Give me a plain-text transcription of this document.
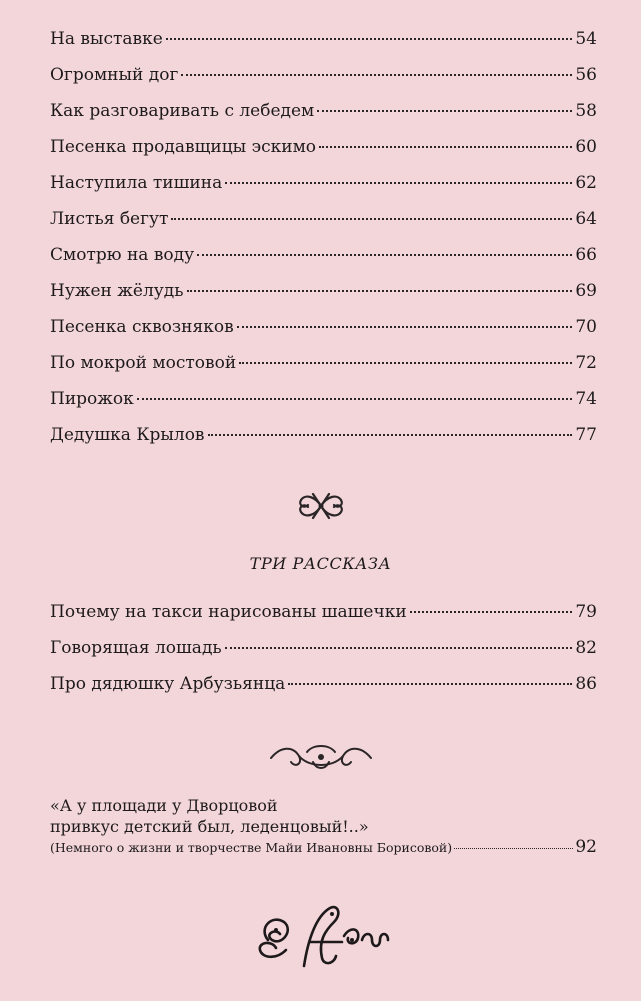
На выставке	54
Огромный дог	56
Как разговаривать с лебедем	58
Песенка продавщицы эскимо	60
Наступила тишина	62
Листья бегут	64
Смотрю на воду	66
Нужен жёлудь	69
Песенка сквозняков	70
По мокрой мостовой	72
Пирожок	74
Дедушка Крылов	77
ТРИ РАССКАЗА
Почему на такси нарисованы шашечки	79
Говорящая лошадь	82
Про дядюшку Арбузьянца	86
«А у площади у Дворцовой
привкус детский был, леденцовый!..»
(Немного о жизни и творчестве Майи Ивановны Борисовой)	92
